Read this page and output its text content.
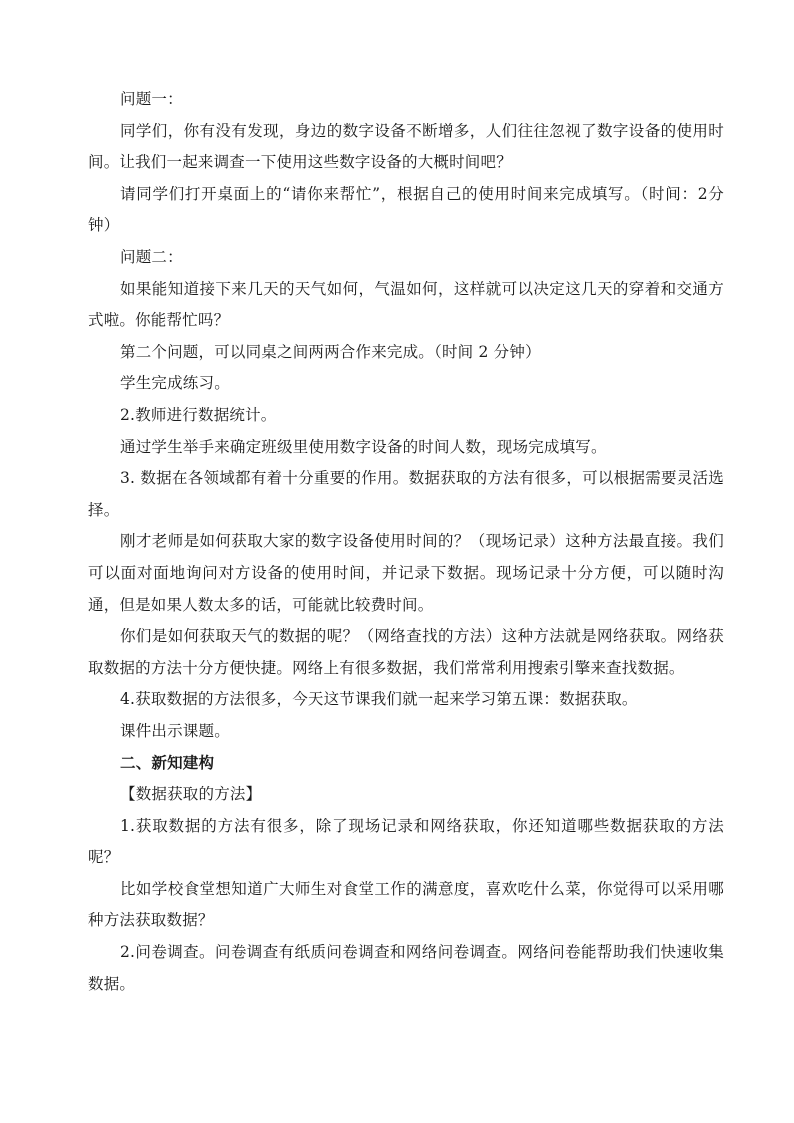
问题一：

同学们，你有没有发现，身边的数字设备不断增多，人们往往忽视了数字设备的使用时间。让我们一起来调查一下使用这些数字设备的大概时间吧？

请同学们打开桌面上的“请你来帮忙”，根据自己的使用时间来完成填写。（时间：2分钟）

问题二：

如果能知道接下来几天的天气如何，气温如何，这样就可以决定这几天的穿着和交通方式啦。你能帮忙吗？

第二个问题，可以同桌之间两两合作来完成。（时间 2 分钟）

学生完成练习。

2.教师进行数据统计。

通过学生举手来确定班级里使用数字设备的时间人数，现场完成填写。

3. 数据在各领域都有着十分重要的作用。数据获取的方法有很多，可以根据需要灵活选择。

刚才老师是如何获取大家的数字设备使用时间的？（现场记录）这种方法最直接。我们可以面对面地询问对方设备的使用时间，并记录下数据。现场记录十分方便，可以随时沟通，但是如果人数太多的话，可能就比较费时间。

你们是如何获取天气的数据的呢？（网络查找的方法）这种方法就是网络获取。网络获取数据的方法十分方便快捷。网络上有很多数据，我们常常利用搜索引擎来查找数据。

4.获取数据的方法很多，今天这节课我们就一起来学习第五课：数据获取。

课件出示课题。

二、新知建构

【数据获取的方法】

1.获取数据的方法有很多，除了现场记录和网络获取，你还知道哪些数据获取的方法呢？

比如学校食堂想知道广大师生对食堂工作的满意度，喜欢吃什么菜，你觉得可以采用哪种方法获取数据？

2.问卷调查。问卷调查有纸质问卷调查和网络问卷调查。网络问卷能帮助我们快速收集数据。
